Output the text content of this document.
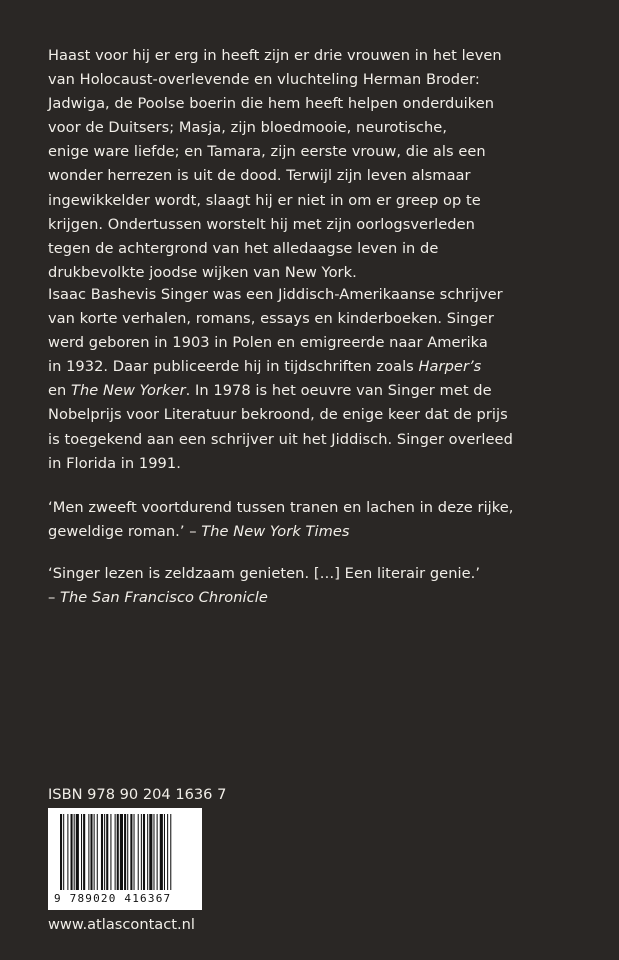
Haast voor hij er erg in heeft zijn er drie vrouwen in het leven
van Holocaust-overlevende en vluchteling Herman Broder:
Jadwiga, de Poolse boerin die hem heeft helpen onderduiken
voor de Duitsers; Masja, zijn bloedmooie, neurotische,
enige ware liefde; en Tamara, zijn eerste vrouw, die als een
wonder herrezen is uit de dood. Terwijl zijn leven alsmaar
ingewikkelder wordt, slaagt hij er niet in om er greep op te
krijgen. Ondertussen worstelt hij met zijn oorlogsverleden
tegen de achtergrond van het alledaagse leven in de
drukbevolkte joodse wijken van New York.
Isaac Bashevis Singer was een Jiddisch-Amerikaanse schrijver
van korte verhalen, romans, essays en kinderboeken. Singer
werd geboren in 1903 in Polen en emigreerde naar Amerika
in 1932. Daar publiceerde hij in tijdschriften zoals Harper’s
en The New Yorker. In 1978 is het oeuvre van Singer met de
Nobelprijs voor Literatuur bekroond, de enige keer dat de prijs
is toegekend aan een schrijver uit het Jiddisch. Singer overleed
in Florida in 1991.
‘Men zweeft voortdurend tussen tranen en lachen in deze rijke,
geweldige roman.’ – The New York Times
‘Singer lezen is zeldzaam genieten. […] Een literair genie.’
– The San Francisco Chronicle
ISBN 978 90 204 1636 7
9 789020 416367
www.atlascontact.nl
